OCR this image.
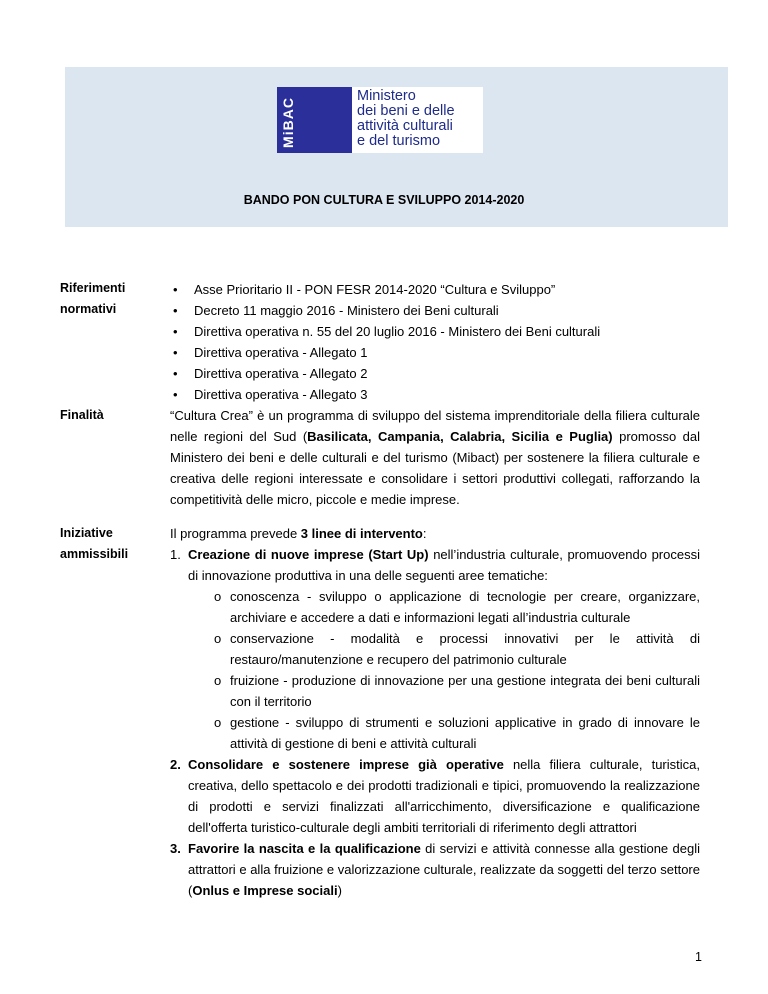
MiBAC
Ministero
dei beni e delle
attività culturali
e del turismo
BANDO PON CULTURA E SVILUPPO 2014-2020
Riferimenti
normativi
• Asse Prioritario II - PON FESR 2014-2020 “Cultura e Sviluppo”
• Decreto 11 maggio 2016 - Ministero dei Beni culturali
• Direttiva operativa n. 55 del 20 luglio 2016 - Ministero dei Beni culturali
• Direttiva operativa - Allegato 1
• Direttiva operativa - Allegato 2
• Direttiva operativa - Allegato 3
Finalità	“Cultura Crea” è un programma di sviluppo del sistema imprenditoriale della filiera culturale nelle regioni del Sud (Basilicata, Campania, Calabria, Sicilia e Puglia) promosso dal Ministero dei beni e delle culturali e del turismo (Mibact) per sostenere la filiera culturale e creativa delle regioni interessate e consolidare i settori produttivi collegati, rafforzando la competitività delle micro, piccole e medie imprese.
Iniziative
ammissibili
Il programma prevede 3 linee di intervento:
1. Creazione di nuove imprese (Start Up) nell’industria culturale, promuovendo processi di innovazione produttiva in una delle seguenti aree tematiche:
o conoscenza - sviluppo o applicazione di tecnologie per creare, organizzare, archiviare e accedere a dati e informazioni legati all’industria culturale
o conservazione - modalità e processi innovativi per le attività di restauro/manutenzione e recupero del patrimonio culturale
o fruizione - produzione di innovazione per una gestione integrata dei beni culturali con il territorio
o gestione - sviluppo di strumenti e soluzioni applicative in grado di innovare le attività di gestione di beni e attività culturali
2. Consolidare e sostenere imprese già operative nella filiera culturale, turistica, creativa, dello spettacolo e dei prodotti tradizionali e tipici, promuovendo la realizzazione di prodotti e servizi finalizzati all'arricchimento, diversificazione e qualificazione dell'offerta turistico-culturale degli ambiti territoriali di riferimento degli attrattori
3. Favorire la nascita e la qualificazione di servizi e attività connesse alla gestione degli attrattori e alla fruizione e valorizzazione culturale, realizzate da soggetti del terzo settore (Onlus e Imprese sociali)
1
